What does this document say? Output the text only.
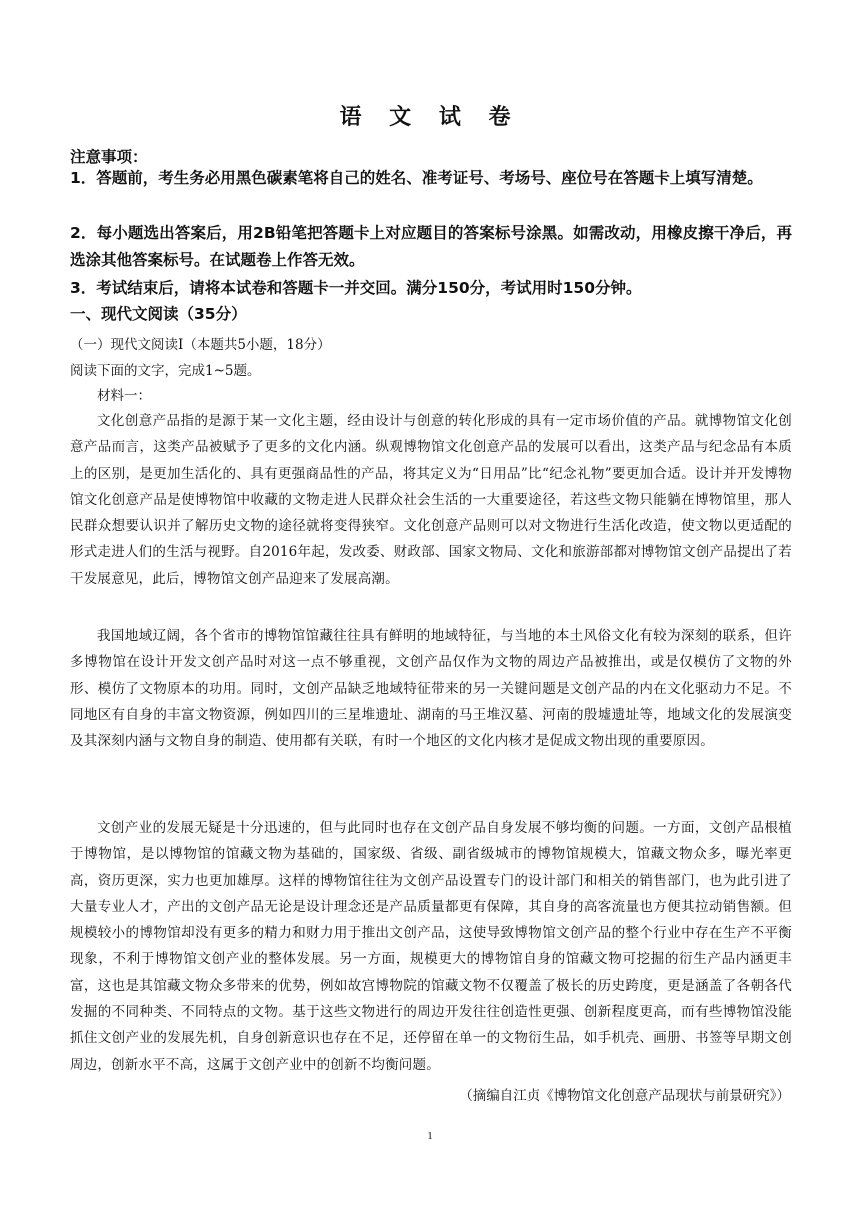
语 文 试 卷
注意事项：

1．答题前，考生务必用黑色碳素笔将自己的姓名、准考证号、考场号、座位号在答题卡上填写清楚。

2．每小题选出答案后，用2B铅笔把答题卡上对应题目的答案标号涂黑。如需改动，用橡皮擦干净后，再选涂其他答案标号。在试题卷上作答无效。

3．考试结束后，请将本试卷和答题卡一并交回。满分150分，考试用时150分钟。

一、现代文阅读（35分）
（一）现代文阅读Ⅰ（本题共5小题，18分）
阅读下面的文字，完成1~5题。
材料一：

文化创意产品指的是源于某一文化主题，经由设计与创意的转化形成的具有一定市场价值的产品。就博物馆文化创意产品而言，这类产品被赋予了更多的文化内涵。纵观博物馆文化创意产品的发展可以看出，这类产品与纪念品有本质上的区别，是更加生活化的、具有更强商品性的产品，将其定义为“日用品”比“纪念礼物”要更加合适。设计并开发博物馆文化创意产品是使博物馆中收藏的文物走进人民群众社会生活的一大重要途径，若这些文物只能躺在博物馆里，那人民群众想要认识并了解历史文物的途径就将变得狭窄。文化创意产品则可以对文物进行生活化改造，使文物以更适配的形式走进人们的生活与视野。自2016年起，发改委、财政部、国家文物局、文化和旅游部都对博物馆文创产品提出了若干发展意见，此后，博物馆文创产品迎来了发展高潮。

我国地域辽阔，各个省市的博物馆馆藏往往具有鲜明的地域特征，与当地的本土风俗文化有较为深刻的联系，但许多博物馆在设计开发文创产品时对这一点不够重视，文创产品仅作为文物的周边产品被推出，或是仅模仿了文物的外形、模仿了文物原本的功用。同时，文创产品缺乏地域特征带来的另一关键问题是文创产品的内在文化驱动力不足。不同地区有自身的丰富文物资源，例如四川的三星堆遗址、湖南的马王堆汉墓、河南的殷墟遗址等，地域文化的发展演变及其深刻内涵与文物自身的制造、使用都有关联，有时一个地区的文化内核才是促成文物出现的重要原因。

文创产业的发展无疑是十分迅速的，但与此同时也存在文创产品自身发展不够均衡的问题。一方面，文创产品根植于博物馆，是以博物馆的馆藏文物为基础的，国家级、省级、副省级城市的博物馆规模大，馆藏文物众多，曝光率更高，资历更深，实力也更加雄厚。这样的博物馆往往为文创产品设置专门的设计部门和相关的销售部门，也为此引进了大量专业人才，产出的文创产品无论是设计理念还是产品质量都更有保障，其自身的高客流量也方便其拉动销售额。但规模较小的博物馆却没有更多的精力和财力用于推出文创产品，这使导致博物馆文创产品的整个行业中存在生产不平衡现象，不利于博物馆文创产业的整体发展。另一方面，规模更大的博物馆自身的馆藏文物可挖掘的衍生产品内涵更丰富，这也是其馆藏文物众多带来的优势，例如故宫博物院的馆藏文物不仅覆盖了极长的历史跨度，更是涵盖了各朝各代发掘的不同种类、不同特点的文物。基于这些文物进行的周边开发往往创造性更强、创新程度更高，而有些博物馆没能抓住文创产业的发展先机，自身创新意识也存在不足，还停留在单一的文物衍生品，如手机壳、画册、书签等早期文创周边，创新水平不高，这属于文创产业中的创新不均衡问题。

（摘编自江贞《博物馆文化创意产品现状与前景研究》）
1
